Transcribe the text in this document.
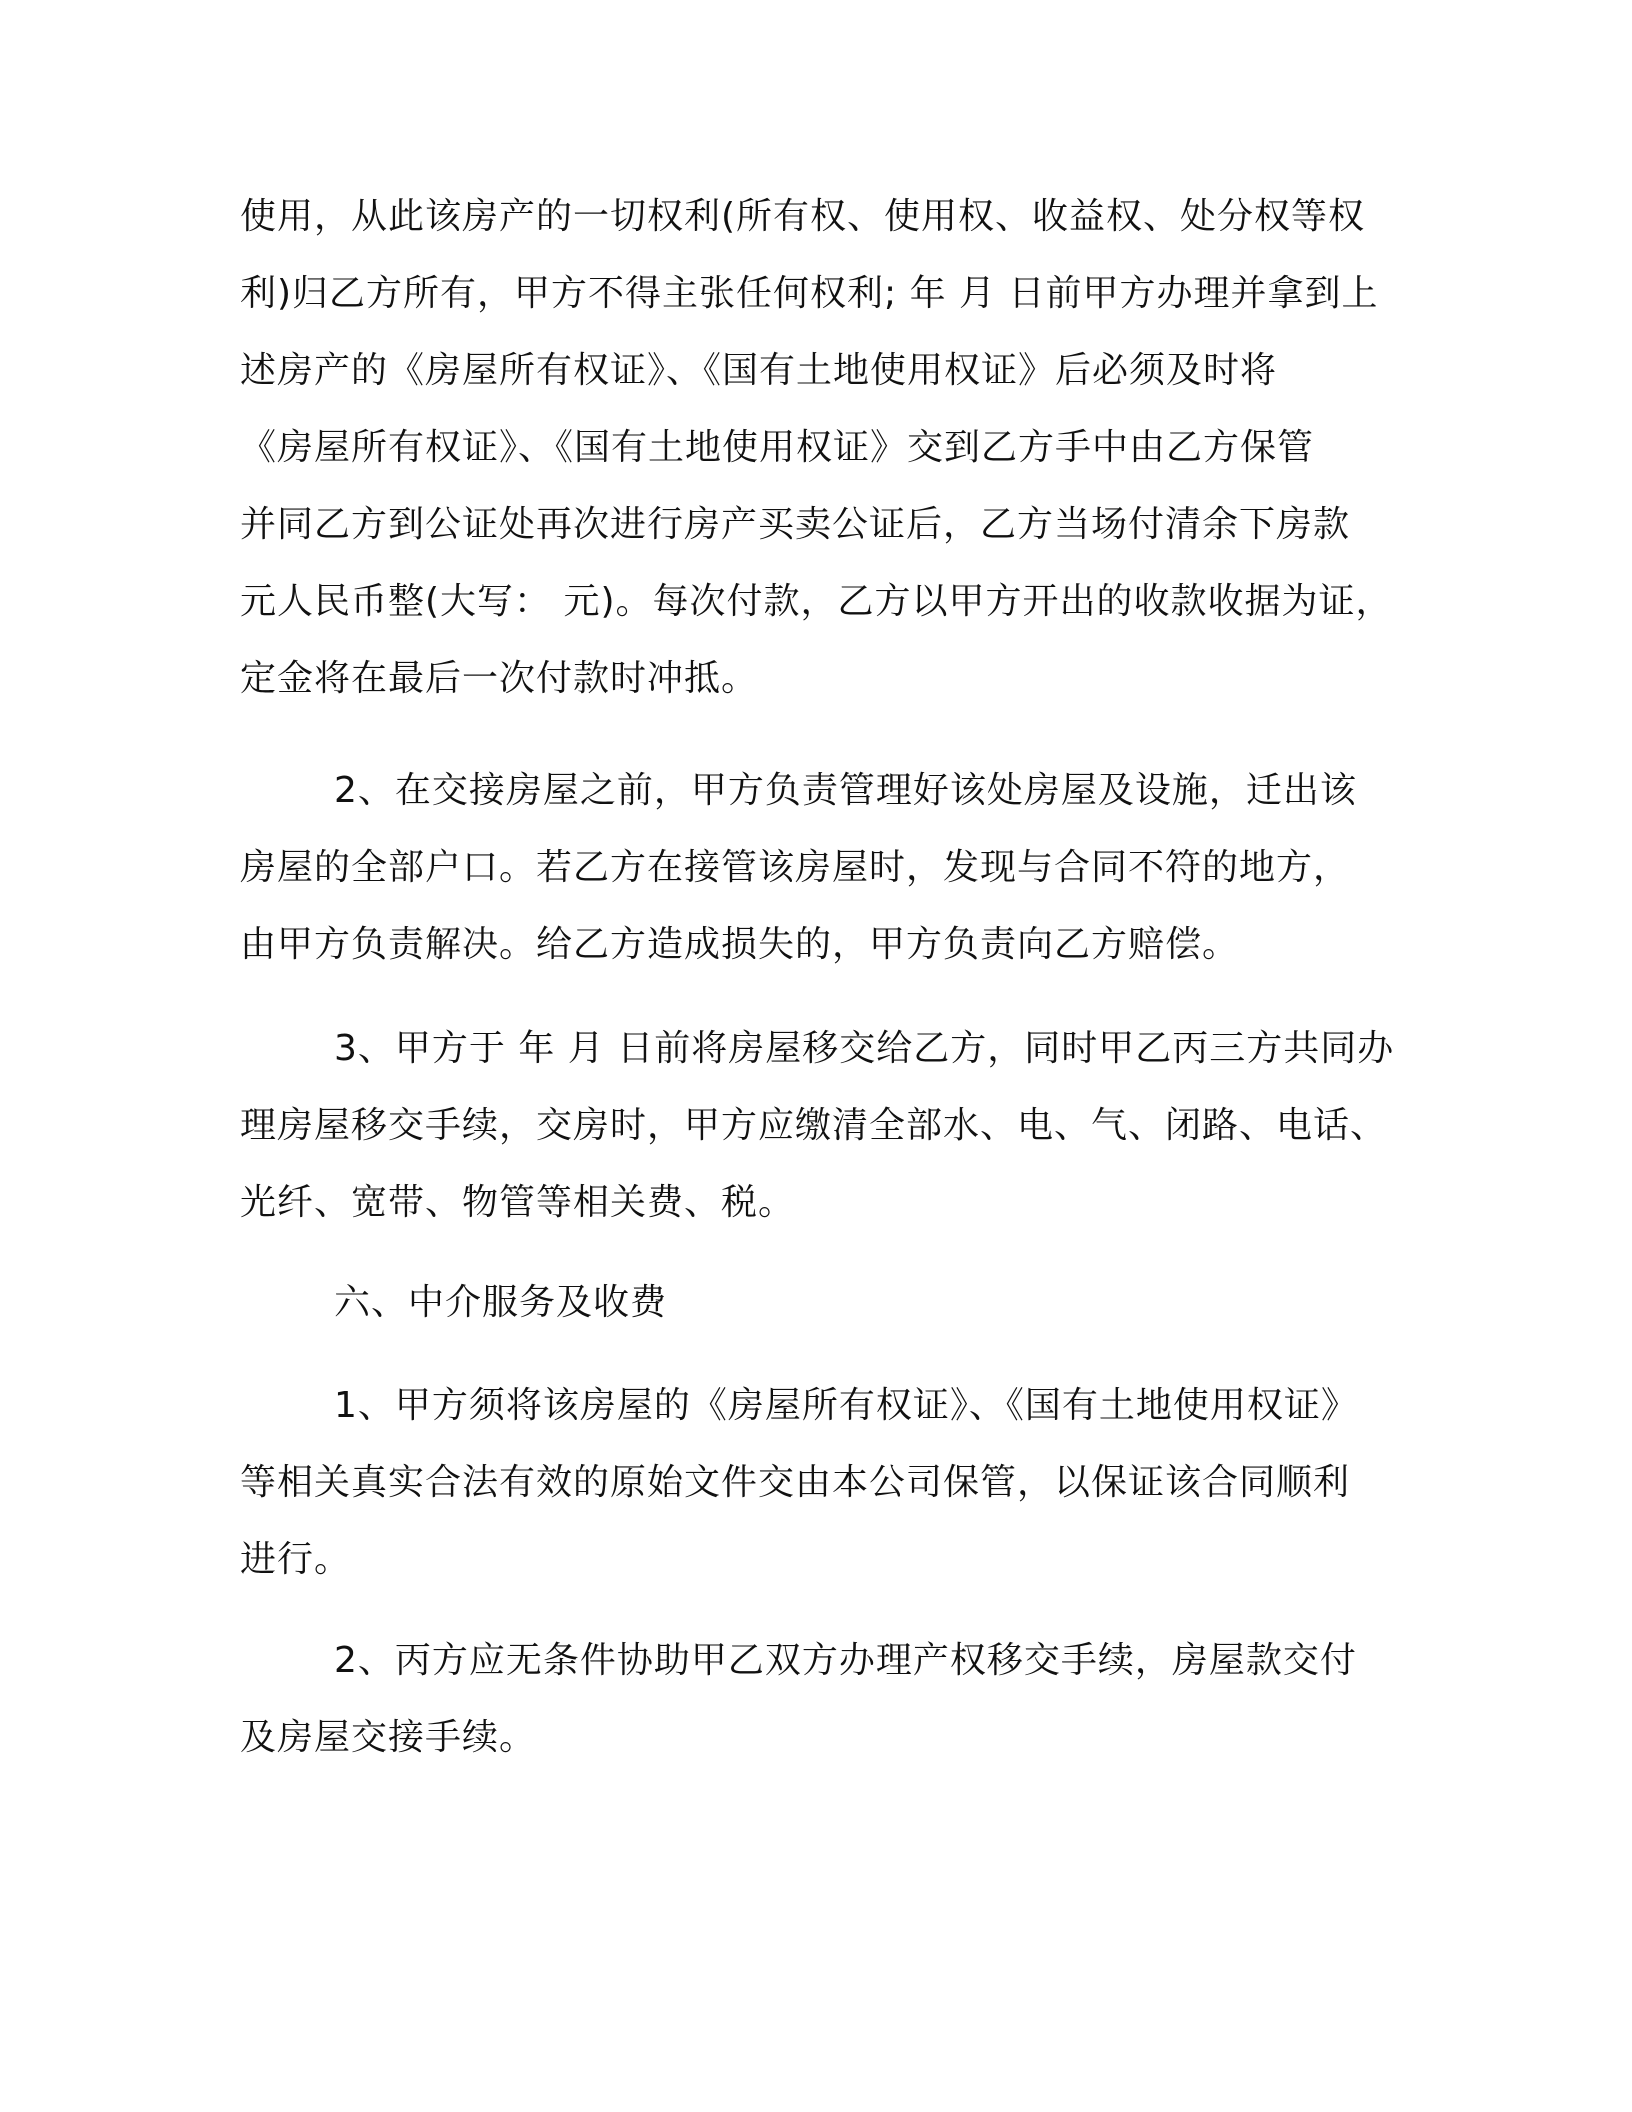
使用，从此该房产的一切权利(所有权、使用权、收益权、处分权等权
利)归乙方所有，甲方不得主张任何权利; 年 月 日前甲方办理并拿到上
述房产的《房屋所有权证》、《国有土地使用权证》后必须及时将
《房屋所有权证》、《国有土地使用权证》交到乙方手中由乙方保管
并同乙方到公证处再次进行房产买卖公证后，乙方当场付清余下房款
元人民币整(大写： 元)。每次付款，乙方以甲方开出的收款收据为证，
定金将在最后一次付款时冲抵。
2、在交接房屋之前，甲方负责管理好该处房屋及设施，迁出该
房屋的全部户口。若乙方在接管该房屋时，发现与合同不符的地方，
由甲方负责解决。给乙方造成损失的，甲方负责向乙方赔偿。
3、甲方于 年 月 日前将房屋移交给乙方，同时甲乙丙三方共同办
理房屋移交手续，交房时，甲方应缴清全部水、电、气、闭路、电话、
光纤、宽带、物管等相关费、税。
六、中介服务及收费
1、甲方须将该房屋的《房屋所有权证》、《国有土地使用权证》
等相关真实合法有效的原始文件交由本公司保管，以保证该合同顺利
进行。
2、丙方应无条件协助甲乙双方办理产权移交手续，房屋款交付
及房屋交接手续。
